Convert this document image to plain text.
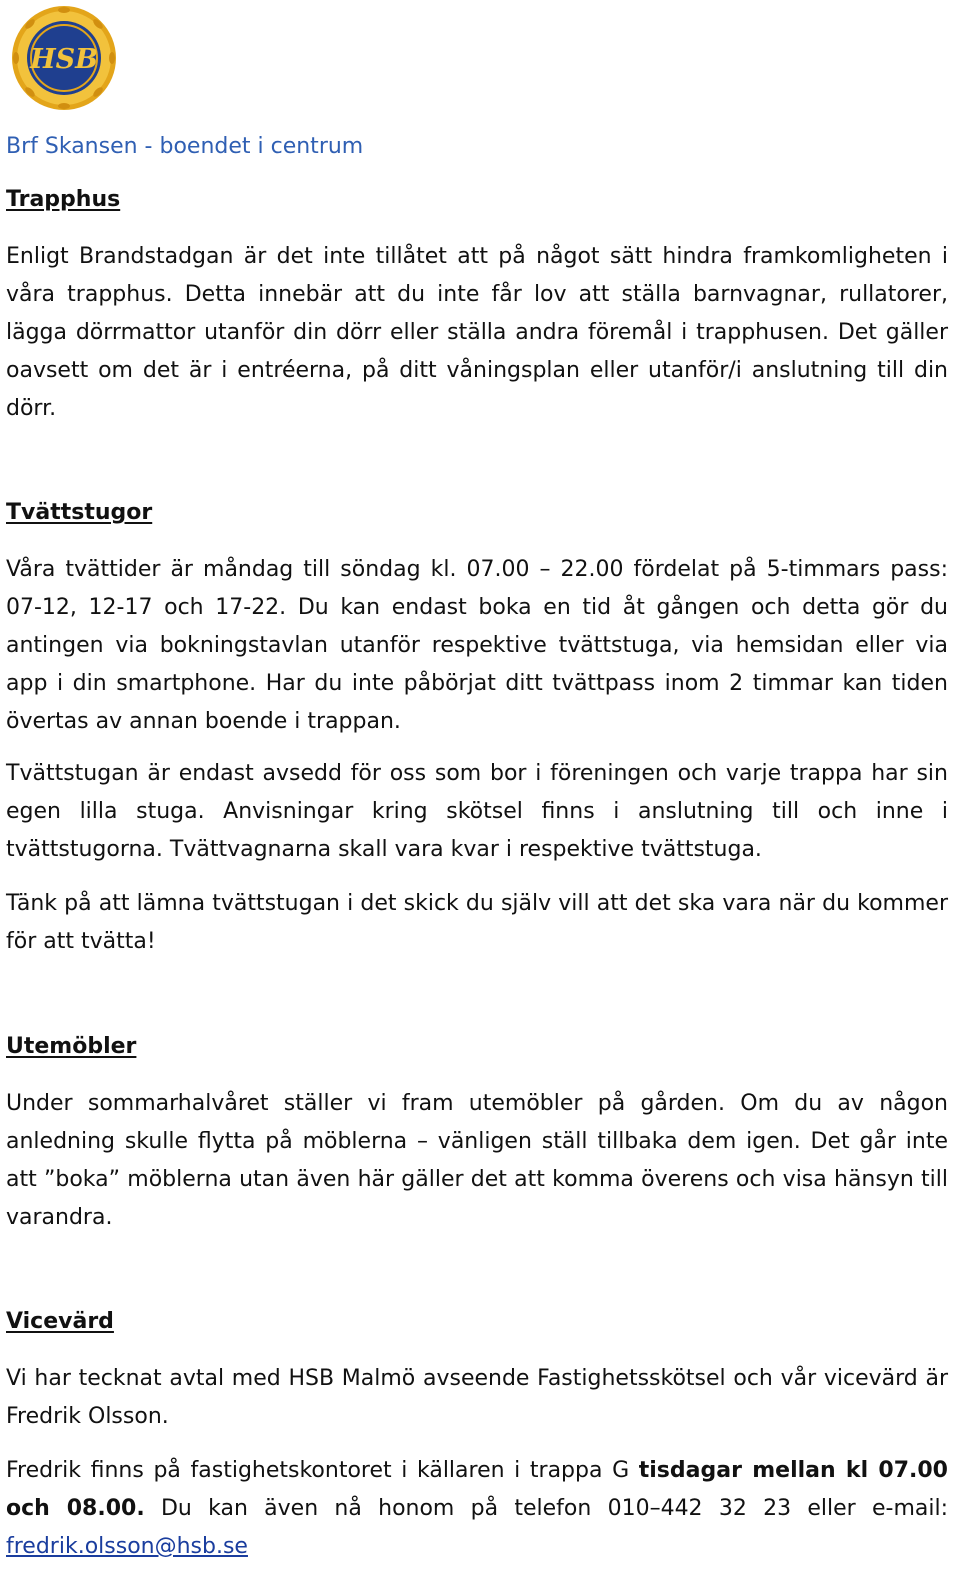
HSB
Brf Skansen - boendet i centrum
Trapphus
Enligt Brandstadgan är det inte tillåtet att på något sätt hindra framkomligheten i våra trapphus. Detta innebär att du inte får lov att ställa barnvagnar, rullatorer, lägga dörrmattor utanför din dörr eller ställa andra föremål i trapphusen. Det gäller oavsett om det är i entréerna, på ditt våningsplan eller utanför/i anslutning till din dörr.
Tvättstugor
Våra tvättider är måndag till söndag kl. 07.00 – 22.00 fördelat på 5-timmars pass: 07-12, 12-17 och 17-22. Du kan endast boka en tid åt gången och detta gör du antingen via bokningstavlan utanför respektive tvättstuga, via hemsidan eller via app i din smartphone. Har du inte påbörjat ditt tvättpass inom 2 timmar kan tiden övertas av annan boende i trappan.
Tvättstugan är endast avsedd för oss som bor i föreningen och varje trappa har sin egen lilla stuga. Anvisningar kring skötsel finns i anslutning till och inne i tvättstugorna. Tvättvagnarna skall vara kvar i respektive tvättstuga.
Tänk på att lämna tvättstugan i det skick du själv vill att det ska vara när du kommer för att tvätta!
Utemöbler
Under sommarhalvåret ställer vi fram utemöbler på gården. Om du av någon anledning skulle flytta på möblerna – vänligen ställ tillbaka dem igen. Det går inte att ”boka” möblerna utan även här gäller det att komma överens och visa hänsyn till varandra.
Vicevärd
Vi har tecknat avtal med HSB Malmö avseende Fastighetsskötsel och vår vicevärd är Fredrik Olsson.
Fredrik finns på fastighetskontoret i källaren i trappa G tisdagar mellan kl 07.00 och 08.00. Du kan även nå honom på telefon 010–442 32 23 eller e-mail: fredrik.olsson@hsb.se
